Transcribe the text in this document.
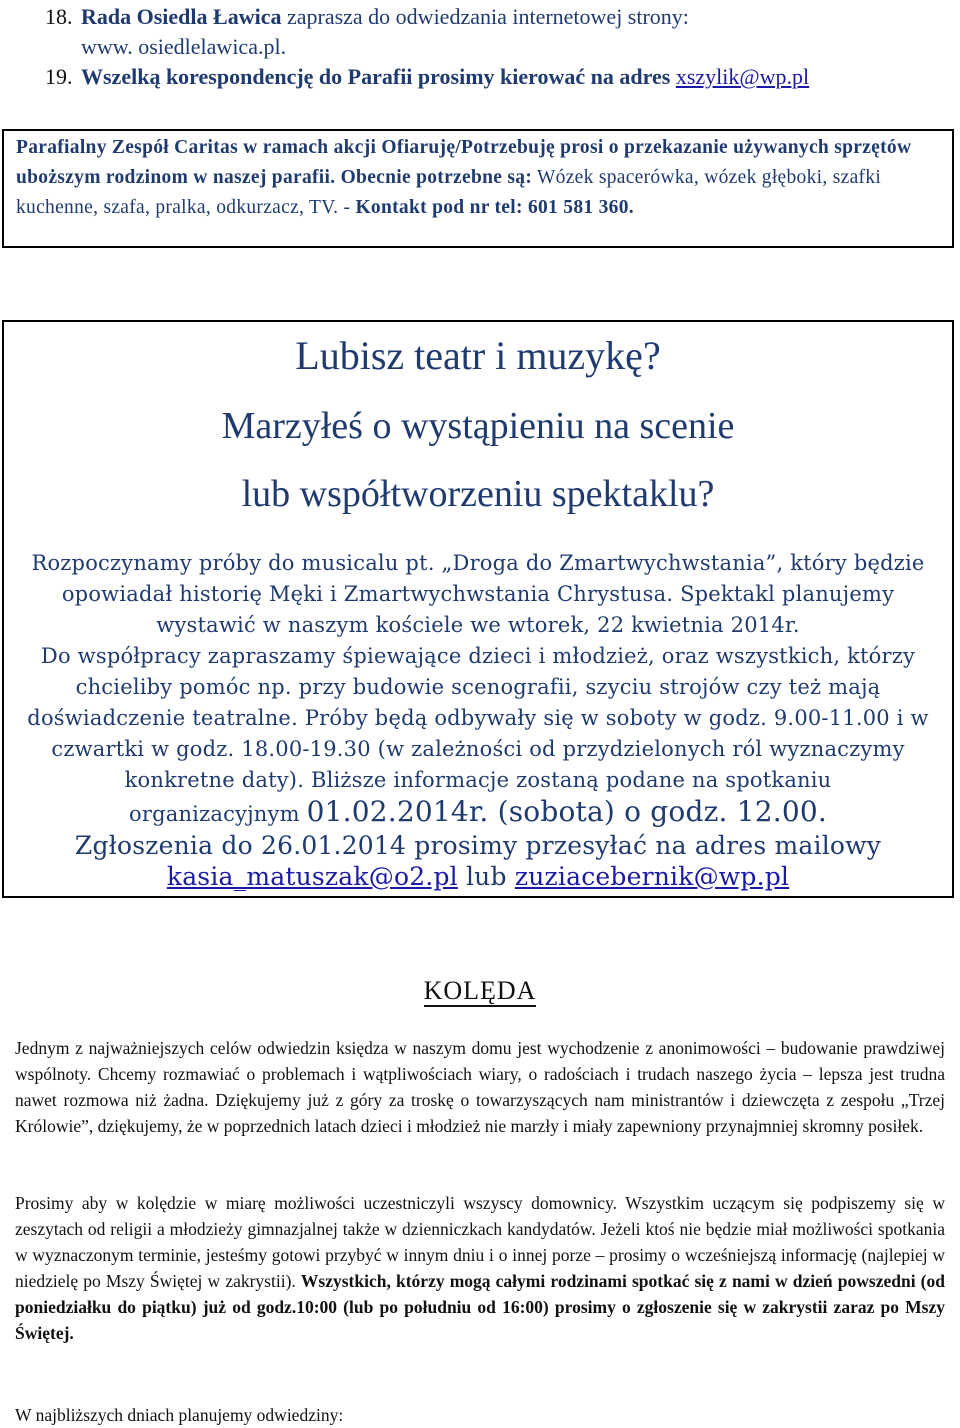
18. Rada Osiedla Ławica zaprasza do odwiedzania internetowej strony:
www. osiedlelawica.pl.
19. Wszelką korespondencję do Parafii prosimy kierować na adres xszylik@wp.pl
Parafialny Zespół Caritas w ramach akcji Ofiaruję/Potrzebuję prosi o przekazanie używanych sprzętów uboższym rodzinom w naszej parafii. Obecnie potrzebne są: Wózek spacerówka, wózek głęboki, szafki kuchenne, szafa, pralka, odkurzacz, TV. - Kontakt pod nr tel: 601 581 360.
Lubisz teatr i muzykę?
Marzyłeś o wystąpieniu na scenie
lub współtworzeniu spektaklu?
Rozpoczynamy próby do musicalu pt. „Droga do Zmartwychwstania”, który będzie opowiadał historię Męki i Zmartwychwstania Chrystusa. Spektakl planujemy wystawić w naszym kościele we wtorek, 22 kwietnia 2014r.
Do współpracy zapraszamy śpiewające dzieci i młodzież, oraz wszystkich, którzy chcieliby pomóc np. przy budowie scenografii, szyciu strojów czy też mają doświadczenie teatralne. Próby będą odbywały się w soboty w godz. 9.00-11.00 i w czwartki w godz. 18.00-19.30 (w zależności od przydzielonych ról wyznaczymy konkretne daty). Bliższe informacje zostaną podane na spotkaniu
organizacyjnym 01.02.2014r. (sobota) o godz. 12.00.
Zgłoszenia do 26.01.2014 prosimy przesyłać na adres mailowy
kasia_matuszak@o2.pl lub zuziacebernik@wp.pl
KOLĘDA
Jednym z najważniejszych celów odwiedzin księdza w naszym domu jest wychodzenie z anonimowości – budowanie prawdziwej wspólnoty. Chcemy rozmawiać o problemach i wątpliwościach wiary, o radościach i trudach naszego życia – lepsza jest trudna nawet rozmowa niż żadna. Dziękujemy już z góry za troskę o towarzyszących nam ministrantów i dziewczęta z zespołu „Trzej Królowie”, dziękujemy, że w poprzednich latach dzieci i młodzież nie marzły i miały zapewniony przynajmniej skromny posiłek.
Prosimy aby w kolędzie w miarę możliwości uczestniczyli wszyscy domownicy. Wszystkim uczącym się podpiszemy się w zeszytach od religii a młodzieży gimnazjalnej także w dzienniczkach kandydatów. Jeżeli ktoś nie będzie miał możliwości spotkania w wyznaczonym terminie, jesteśmy gotowi przybyć w innym dniu i o innej porze – prosimy o wcześniejszą informację (najlepiej w niedzielę po Mszy Świętej w zakrystii). Wszystkich, którzy mogą całymi rodzinami spotkać się z nami w dzień powszedni (od poniedziałku do piątku) już od godz.10:00 (lub po południu od 16:00) prosimy o zgłoszenie się w zakrystii zaraz po Mszy Świętej.
W najbliższych dniach planujemy odwiedziny:
